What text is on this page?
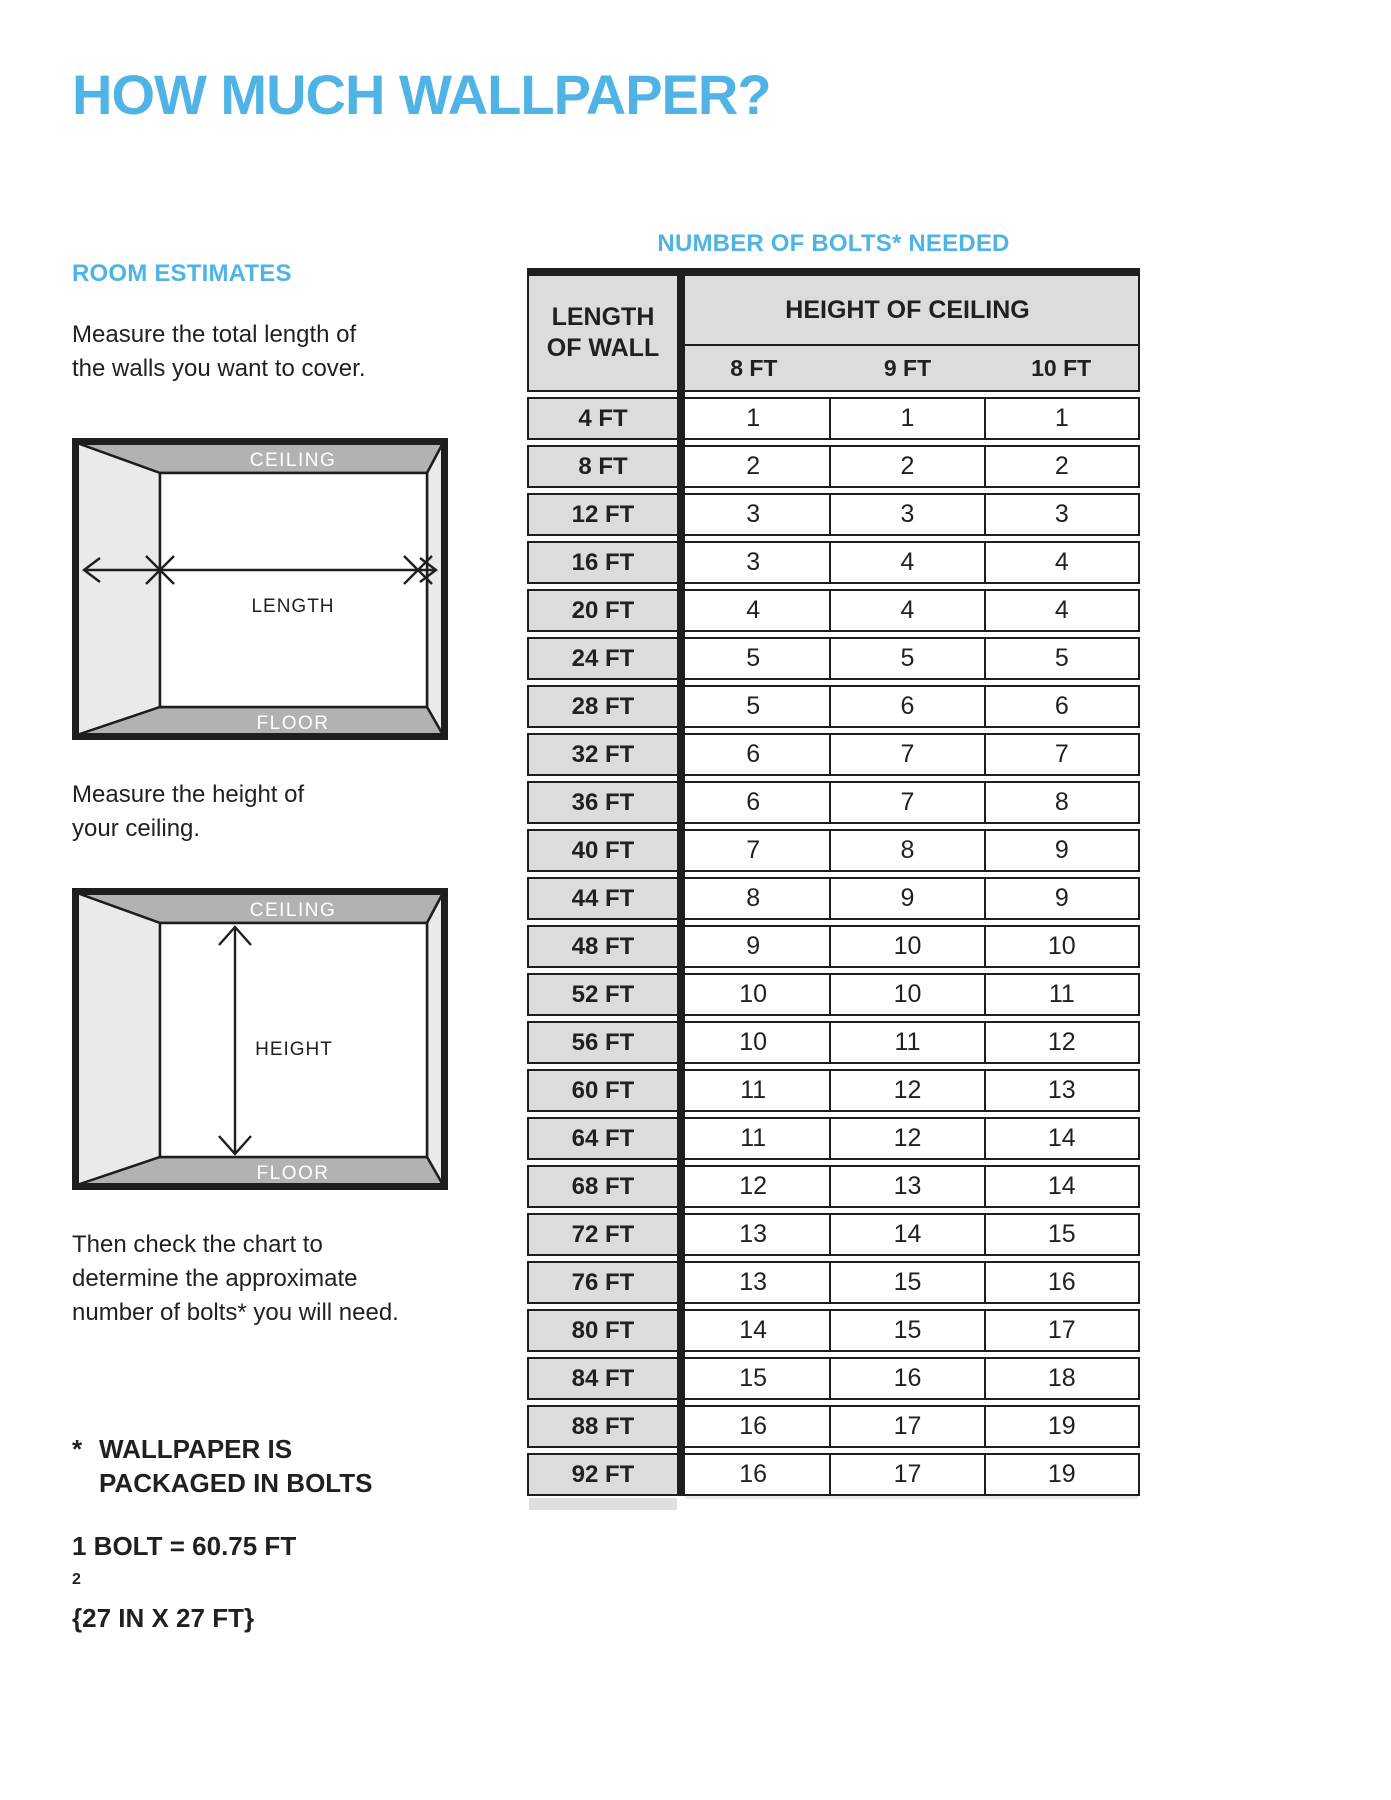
HOW MUCH WALLPAPER?
ROOM ESTIMATES
Measure the total length of
the walls you want to cover.
CEILING
FLOOR
LENGTH
Measure the height of
your ceiling.
CEILING
FLOOR
HEIGHT
Then check the chart to
determine the approximate
number of bolts* you will need.
* WALLPAPER IS
PACKAGED IN BOLTS
1 BOLT = 60.75 FT
$^2$
{27 IN X 27 FT}
NUMBER OF BOLTS* NEEDED
LENGTH
OF WALL
HEIGHT OF CEILING
8 FT	9 FT	10 FT
4 FT	1	1	1
8 FT	2	2	2
12 FT	3	3	3
16 FT	3	4	4
20 FT	4	4	4
24 FT	5	5	5
28 FT	5	6	6
32 FT	6	7	7
36 FT	6	7	8
40 FT	7	8	9
44 FT	8	9	9
48 FT	9	10	10
52 FT	10	10	11
56 FT	10	11	12
60 FT	11	12	13
64 FT	11	12	14
68 FT	12	13	14
72 FT	13	14	15
76 FT	13	15	16
80 FT	14	15	17
84 FT	15	16	18
88 FT	16	17	19
92 FT	16	17	19
